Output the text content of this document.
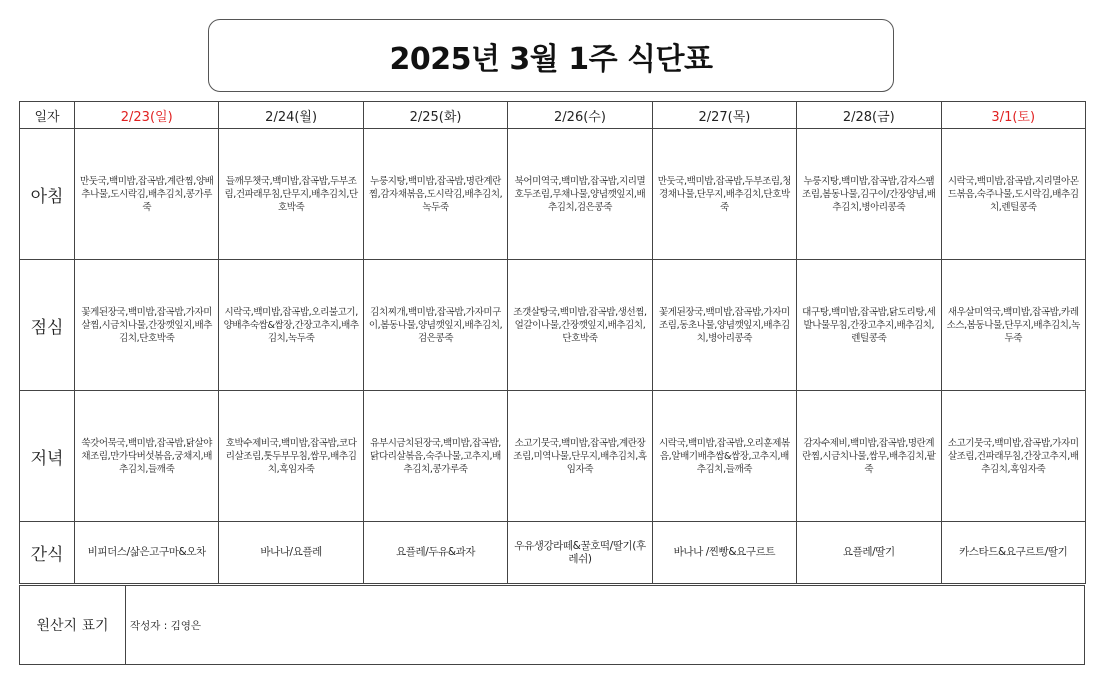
2025년 3월 1주 식단표
일자	2/23(일)	2/24(월)	2/25(화)	2/26(수)	2/27(목)	2/28(금)	3/1(토)
아침	만둣국,백미밥,잡곡밥,계란찜,양배추나물,도시락김,배추김치,콩가루죽	들깨무챗국,백미밥,잡곡밥,두부조림,건파래무침,단무지,배추김치,단호박죽	누룽지탕,백미밥,잡곡밥,명란계란찜,감자채볶음,도시락김,배추김치,녹두죽	북어미역국,백미밥,잡곡밥,지리멸호두조림,무채나물,양념깻잎지,배추김치,검은콩죽	만둣국,백미밥,잡곡밥,두부조림,청경채나물,단무지,배추김치,단호박죽	누룽지탕,백미밥,잡곡밥,감자스팸조림,봄동나물,김구이/간장양념,배추김치,병아리콩죽	시락국,백미밥,잡곡밥,지리멸아몬드볶음,숙주나물,도시락김,배추김치,렌틸콩죽
점심	꽃게된장국,백미밥,잡곡밥,가자미살찜,시금치나물,간장깻잎지,배추김치,단호박죽	시락국,백미밥,잡곡밥,오리불고기,양배추숙쌈&쌈장,간장고추지,배추김치,녹두죽	김치찌개,백미밥,잡곡밥,가자미구이,봄동나물,양념깻잎지,배추김치,검은콩죽	조갯살탕국,백미밥,잡곡밥,생선찜,얼갈이나물,간장깻잎지,배추김치,단호박죽	꽃게된장국,백미밥,잡곡밥,가자미조림,동초나물,양념깻잎지,배추김치,병아리콩죽	대구탕,백미밥,잡곡밥,닭도리탕,세발나물무침,간장고추지,배추김치,렌틸콩죽	새우살미역국,백미밥,잡곡밥,카레소스,봄동나물,단무지,배추김치,녹두죽
저녁	쑥갓어묵국,백미밥,잡곡밥,닭살야채조림,만가닥버섯볶음,궁채지,배추김치,들깨죽	호박수제비국,백미밥,잡곡밥,코다리살조림,톳두부무침,쌈무,배추김치,흑임자죽	유부시금치된장국,백미밥,잡곡밥,닭다리살볶음,숙주나물,고추지,배추김치,콩가루죽	소고기뭇국,백미밥,잡곡밥,계란장조림,미역나물,단무지,배추김치,흑임자죽	시락국,백미밥,잡곡밥,오리훈제볶음,알배기배추쌈&쌈장,고추지,배추김치,들깨죽	감자수제비,백미밥,잡곡밥,명란계란찜,시금치나물,쌈무,배추김치,팥죽	소고기뭇국,백미밥,잡곡밥,가자미살조림,건파래무침,간장고추지,배추김치,흑임자죽
간식	비피더스/삶은고구마&오차	바나나/요플레	요플레/두유&과자	우유생강라떼&꿀호떡/딸기(후레쉬)	바나나 /찐빵&요구르트	요플레/딸기	카스타드&요구르트/딸기
원산지 표기	작성자 : 김영은
